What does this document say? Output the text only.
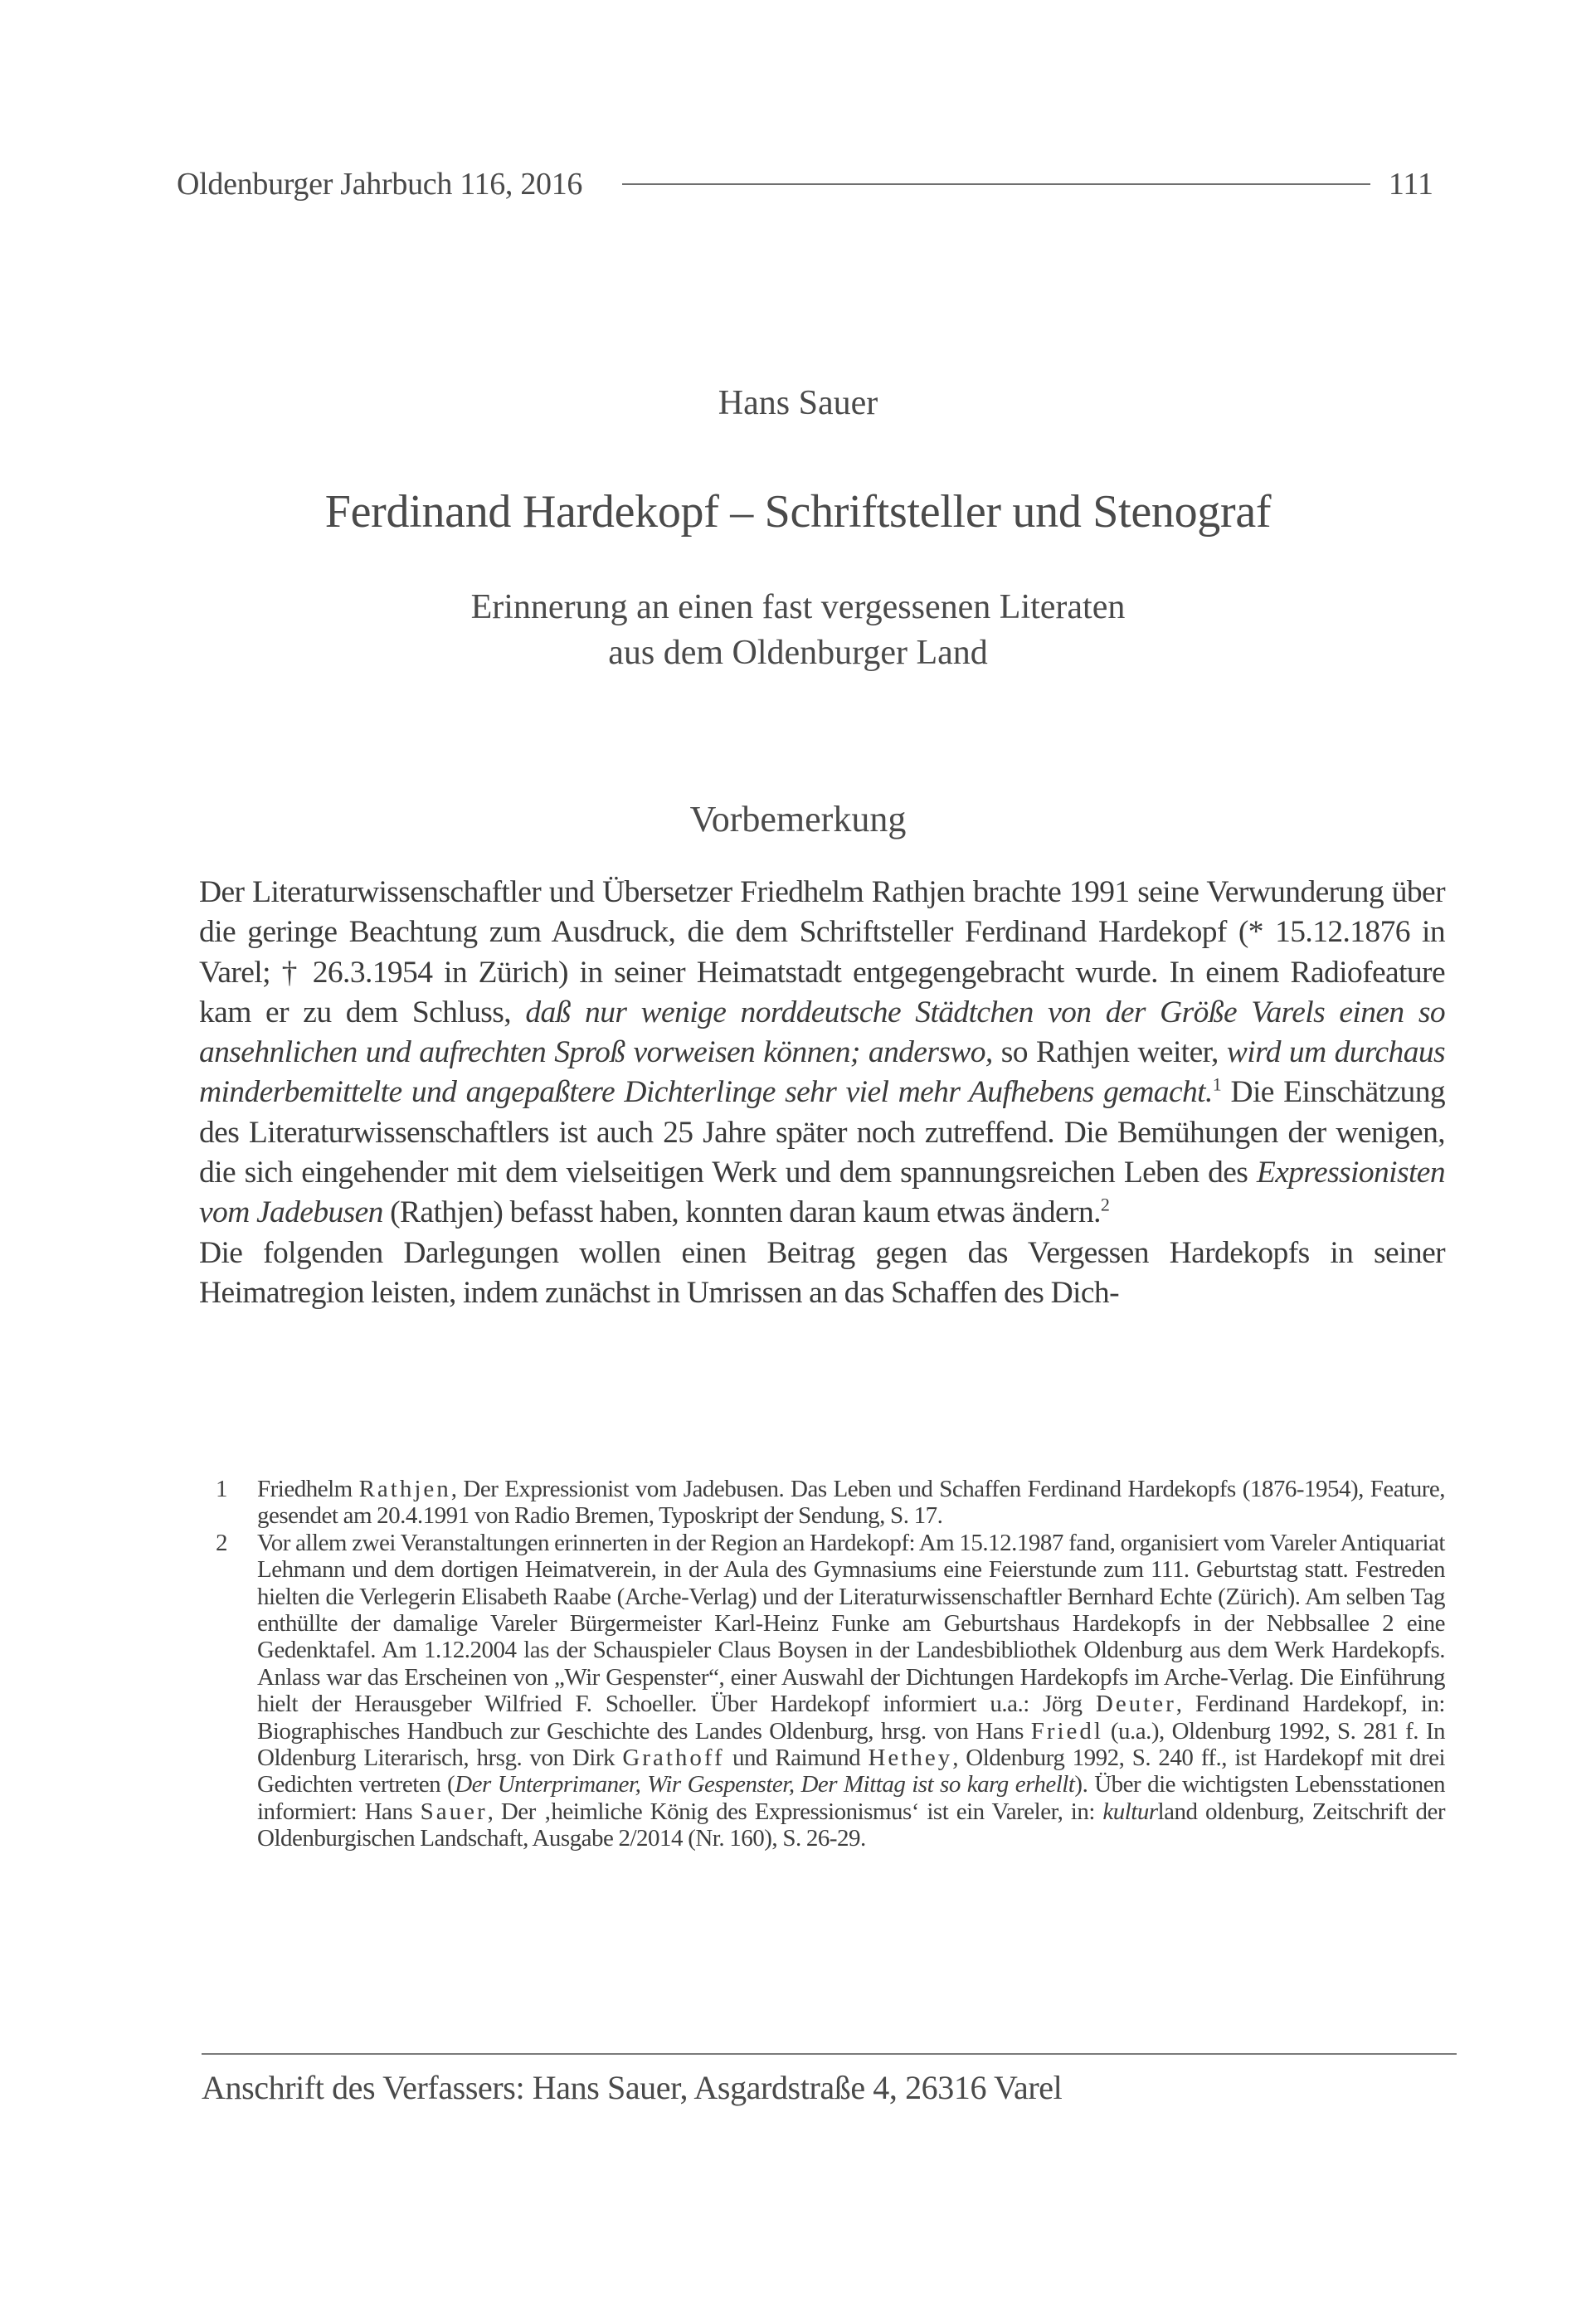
Oldenburger Jahrbuch 116, 2016	111
Hans Sauer
Ferdinand Hardekopf – Schriftsteller und Stenograf
Erinnerung an einen fast vergessenen Literaten
aus dem Oldenburger Land
Vorbemerkung

Der Literaturwissenschaftler und Übersetzer Friedhelm Rathjen brachte 1991 seine Verwunderung über die geringe Beachtung zum Ausdruck, die dem Schriftsteller Ferdinand Hardekopf (* 15.12.1876 in Varel; † 26.3.1954 in Zürich) in seiner Heimatstadt entgegengebracht wurde. In einem Radiofeature kam er zu dem Schluss, daß nur wenige norddeutsche Städtchen von der Größe Varels einen so ansehnlichen und aufrechten Sproß vorweisen können; anderswo, so Rathjen weiter, wird um durchaus minderbemittelte und angepaßtere Dichterlinge sehr viel mehr Aufhebens gemacht.$^1$ Die Einschätzung des Literaturwissenschaftlers ist auch 25 Jahre später noch zutreffend. Die Bemühungen der wenigen, die sich eingehender mit dem vielseitigen Werk und dem spannungsreichen Leben des Expressionisten vom Jadebusen (Rathjen) befasst haben, konnten daran kaum etwas ändern.$^2$

Die folgenden Darlegungen wollen einen Beitrag gegen das Vergessen Hardekopfs in seiner Heimatregion leisten, indem zunächst in Umrissen an das Schaffen des Dich-

1	Friedhelm Rathjen, Der Expressionist vom Jadebusen. Das Leben und Schaffen Ferdinand Hardekopfs (1876-1954), Feature, gesendet am 20.4.1991 von Radio Bremen, Typoskript der Sendung, S. 17.
2	Vor allem zwei Veranstaltungen erinnerten in der Region an Hardekopf: Am 15.12.1987 fand, organisiert vom Vareler Antiquariat Lehmann und dem dortigen Heimatverein, in der Aula des Gymnasiums eine Feierstunde zum 111. Geburtstag statt. Festreden hielten die Verlegerin Elisabeth Raabe (Arche-Verlag) und der Literaturwissenschaftler Bernhard Echte (Zürich). Am selben Tag enthüllte der damalige Vareler Bürgermeister Karl-Heinz Funke am Geburtshaus Hardekopfs in der Nebbsallee 2 eine Gedenktafel. Am 1.12.2004 las der Schauspieler Claus Boysen in der Landesbibliothek Oldenburg aus dem Werk Hardekopfs. Anlass war das Erscheinen von „Wir Gespenster“, einer Auswahl der Dichtungen Hardekopfs im Arche-Verlag. Die Einführung hielt der Herausgeber Wilfried F. Schoeller. Über Hardekopf informiert u.a.: Jörg Deuter, Ferdinand Hardekopf, in: Biographisches Handbuch zur Geschichte des Landes Oldenburg, hrsg. von Hans Friedl (u.a.), Oldenburg 1992, S. 281 f. In Oldenburg Literarisch, hrsg. von Dirk Grathoff und Raimund Hethey, Oldenburg 1992, S. 240 ff., ist Hardekopf mit drei Gedichten vertreten (Der Unterprimaner, Wir Gespenster, Der Mittag ist so karg erhellt). Über die wichtigsten Lebensstationen informiert: Hans Sauer, Der ‚heimliche König des Expressionismus‘ ist ein Vareler, in: kulturland oldenburg, Zeitschrift der Oldenburgischen Landschaft, Ausgabe 2/2014 (Nr. 160), S. 26-29.
Anschrift des Verfassers: Hans Sauer, Asgardstraße 4, 26316 Varel
